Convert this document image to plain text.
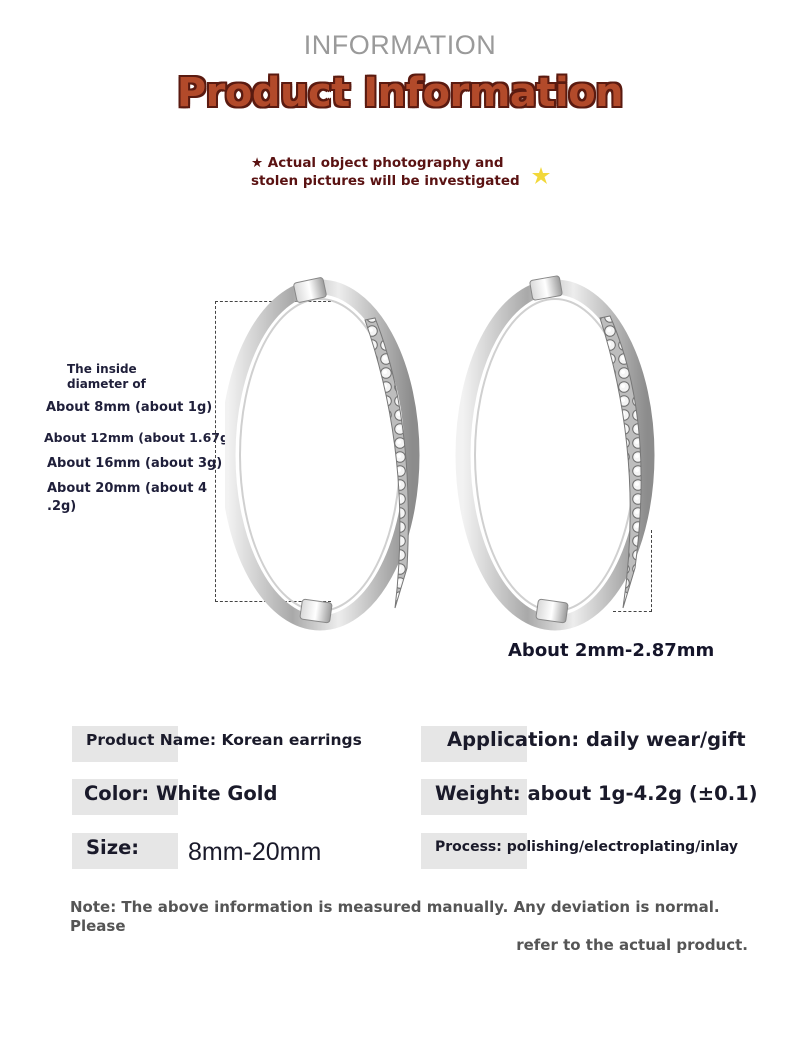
INFORMATION
Product Information
★ Actual object photography and
stolen pictures will be investigated
The inside
diameter of
About 8mm (about 1g)
About 12mm (about 1.67g)
About 16mm (about 3g)
About 20mm (about 4 .2g)
About 2mm-2.87mm
Product Name: Korean earrings
Color: White Gold
Size: 8mm-20mm
Application: daily wear/gift
Weight: about 1g-4.2g (±0.1)
Process: polishing/electroplating/inlay
Note: The above information is measured manually. Any deviation is normal. Please
refer to the actual product.
